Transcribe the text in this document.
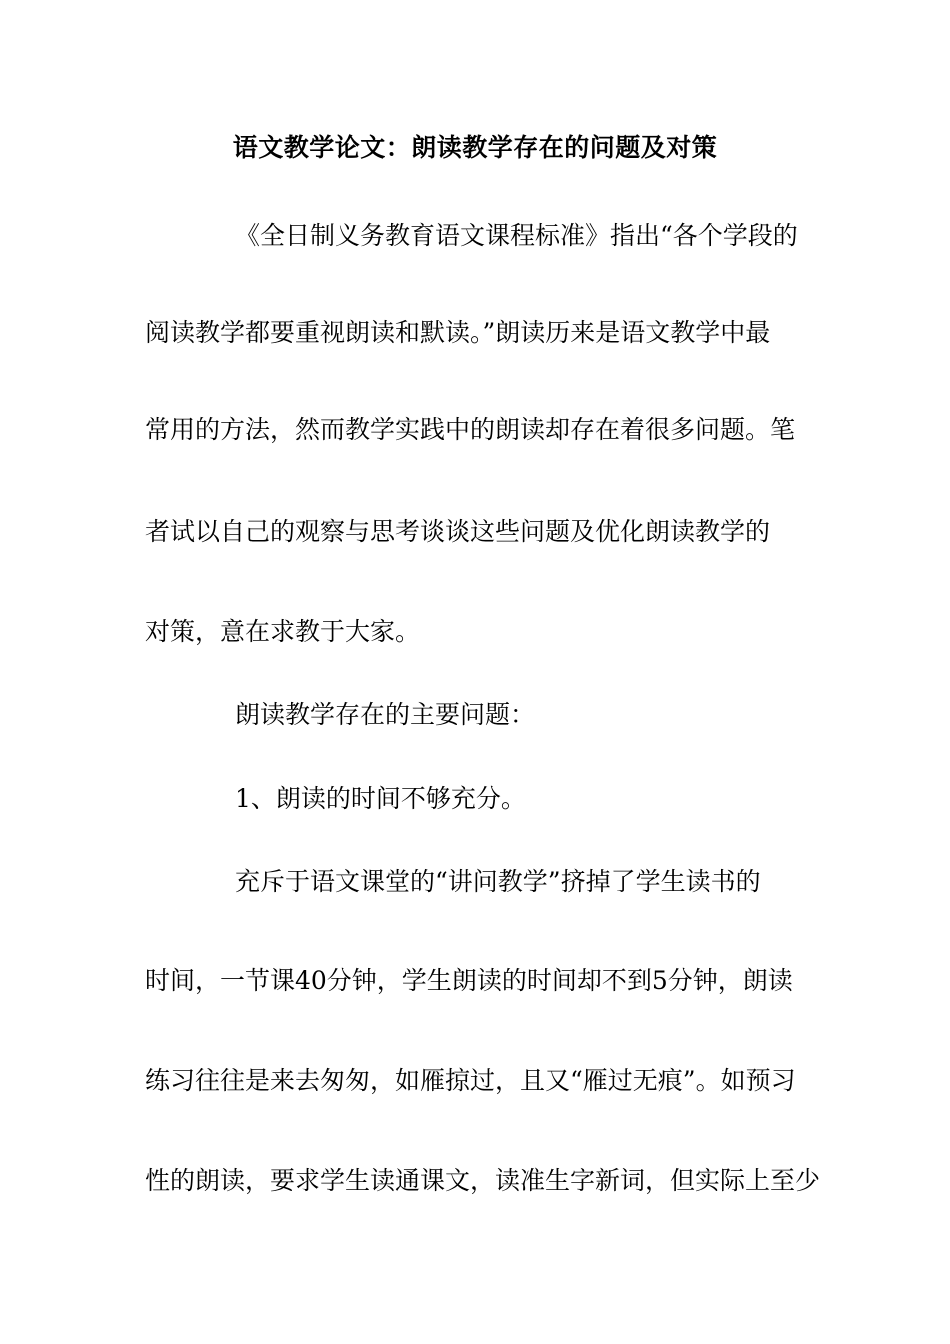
语文教学论文：朗读教学存在的问题及对策
《全日制义务教育语文课程标准》指出“各个学段的
阅读教学都要重视朗读和默读。”朗读历来是语文教学中最
常用的方法，然而教学实践中的朗读却存在着很多问题。笔
者试以自己的观察与思考谈谈这些问题及优化朗读教学的
对策，意在求教于大家。
朗读教学存在的主要问题：
1、朗读的时间不够充分。
充斥于语文课堂的“讲问教学”挤掉了学生读书的
时间，一节课40分钟，学生朗读的时间却不到5分钟，朗读
练习往往是来去匆匆，如雁掠过，且又“雁过无痕”。如预习
性的朗读，要求学生读通课文，读准生字新词，但实际上至少
